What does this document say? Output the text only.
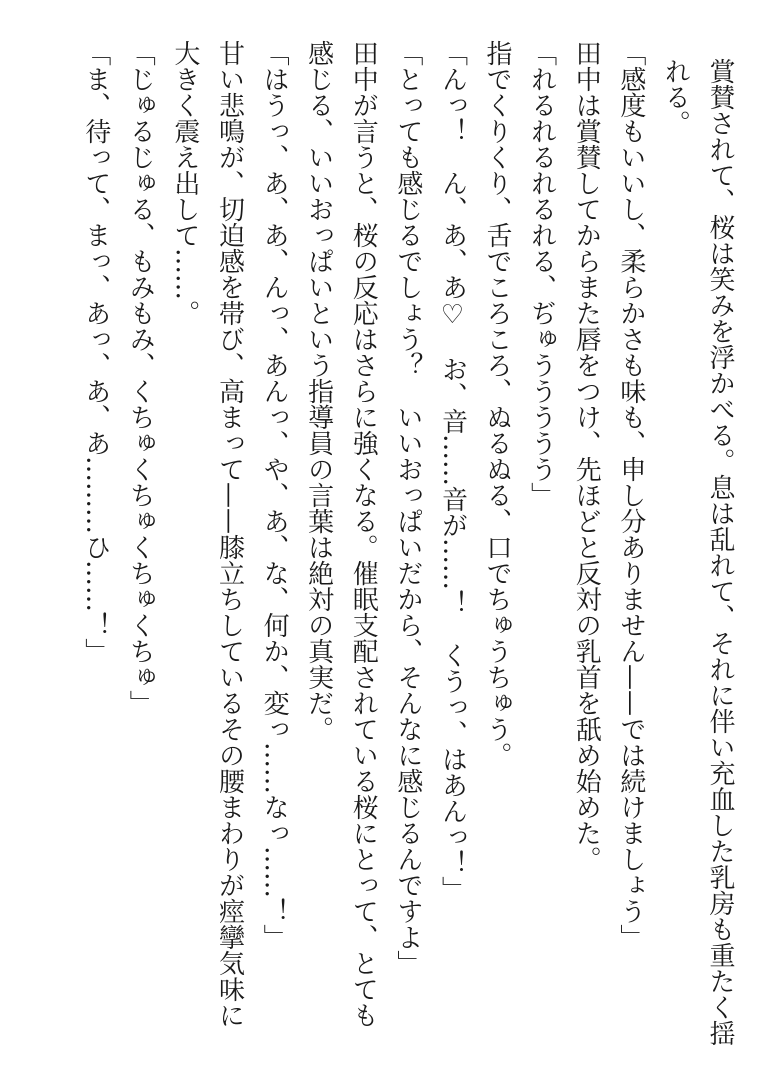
賞賛されて、桜は笑みを浮かべる。息は乱れて、それに伴い充血した乳房も重たく揺れる。

「感度もいいし、柔らかさも味も、申し分ありません——では続けましょう」

田中は賞賛してからまた唇をつけ、先ほどと反対の乳首を舐め始めた。

「れるれるれるれる、ぢゅううううう」

指でくりくり、舌でころころ、ぬるぬる、口でちゅうちゅう。

「んっ！　ん、あ、あ♡　お、音……音が……！　くうっ、はあんっ！」

「とっても感じるでしょう？　いいおっぱいだから、そんなに感じるんですよ」

田中が言うと、桜の反応はさらに強くなる。催眠支配されている桜にとって、とても感じる、いいおっぱいという指導員の言葉は絶対の真実だ。

「はうっ、あ、あ、んっ、あんっ、や、あ、な、何か、変っ……なっ……！」

甘い悲鳴が、切迫感を帯び、高まって——膝立ちしているその腰まわりが痙攣気味に大きく震え出して……。

「じゅるじゅる、もみもみ、くちゅくちゅくちゅくちゅ」

「ま、待って、まっ、あっ、あ、あ………ひ……！」
